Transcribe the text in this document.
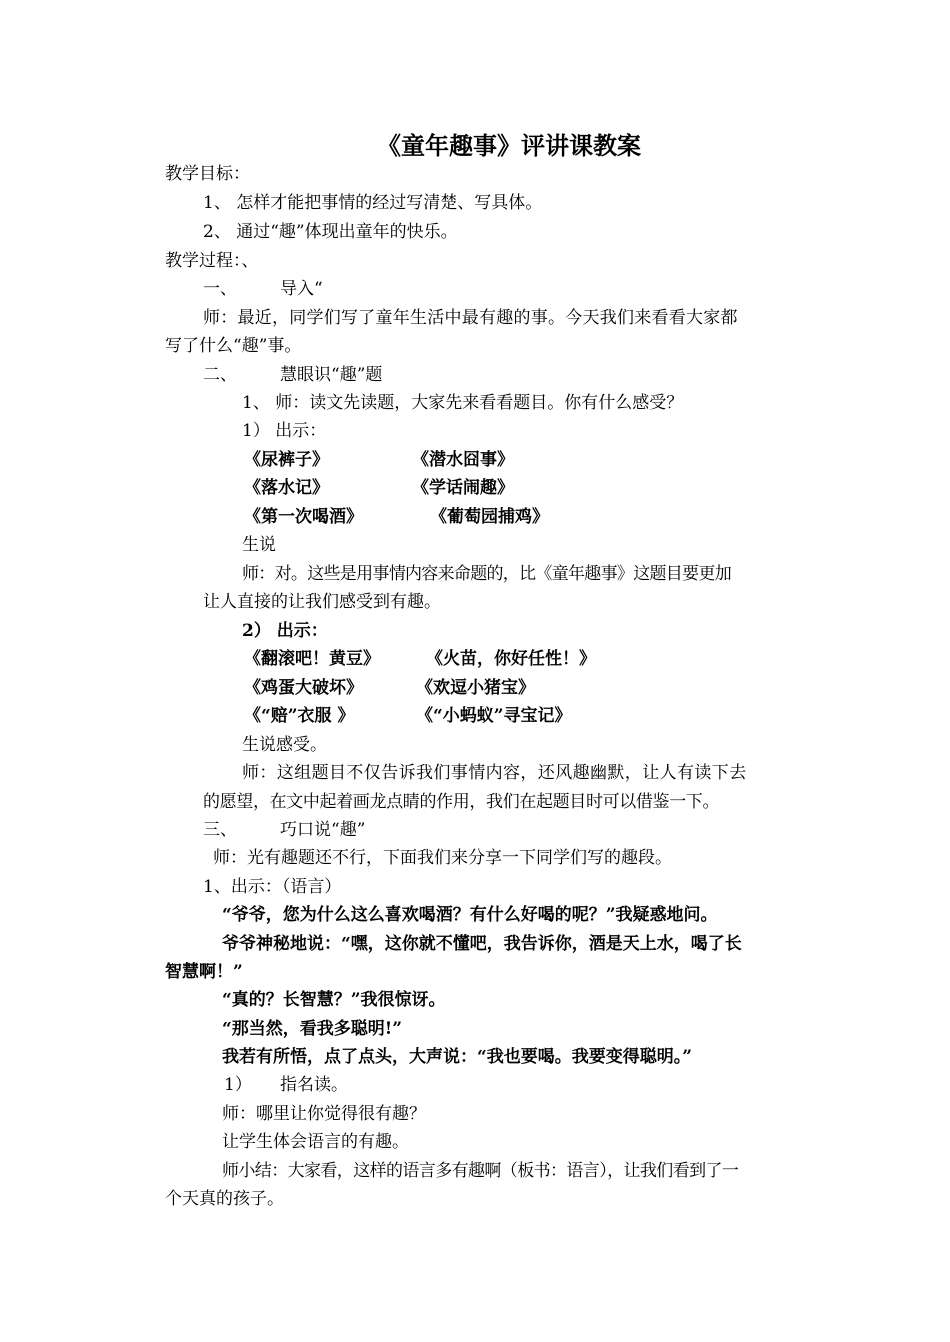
《童年趣事》评讲课教案
教学目标：
1、 怎样才能把事情的经过写清楚、写具体。
2、 通过“趣”体现出童年的快乐。
教学过程：、
一、	导入“
师：最近，同学们写了童年生活中最有趣的事。今天我们来看看大家都
写了什么“趣”事。
二、	慧眼识“趣”题
1、 师：读文先读题，大家先来看看题目。你有什么感受？
1） 出示：
《尿裤子》	《潜水囧事》
《落水记》	《学话闹趣》
《第一次喝酒》	《葡萄园捕鸡》
生说
师：对。这些是用事情内容来命题的，比《童年趣事》这题目要更加
让人直接的让我们感受到有趣。
2） 出示：
《翻滚吧！黄豆》	《火苗，你好任性！》
《鸡蛋大破坏》	《欢逗小猪宝》
《“赔”衣服 》	《“小蚂蚁”寻宝记》
生说感受。
师：这组题目不仅告诉我们事情内容，还风趣幽默，让人有读下去
的愿望，在文中起着画龙点睛的作用，我们在起题目时可以借鉴一下。
三、	巧口说“趣”
师：光有趣题还不行，下面我们来分享一下同学们写的趣段。
1、出示：（语言）
“爷爷，您为什么这么喜欢喝酒？有什么好喝的呢？”我疑惑地问。
爷爷神秘地说：“嘿，这你就不懂吧，我告诉你，酒是天上水，喝了长
智慧啊！”
“真的？长智慧？”我很惊讶。
“那当然，看我多聪明!”
我若有所悟，点了点头，大声说：“我也要喝。我要变得聪明。”
1） 指名读。
师：哪里让你觉得很有趣？
让学生体会语言的有趣。
师小结：大家看，这样的语言多有趣啊（板书：语言），让我们看到了一
个天真的孩子。
